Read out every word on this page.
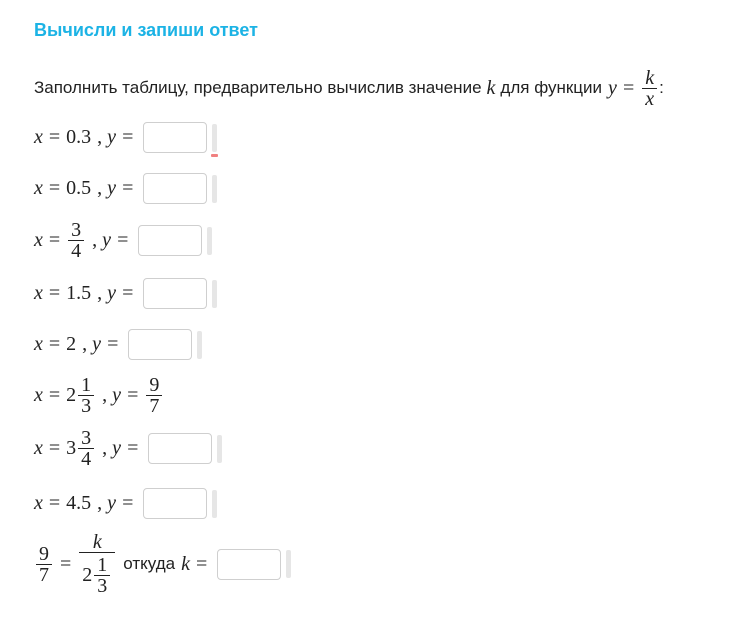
Вычисли и запиши ответ
Заполнить таблицу, предварительно вычислив значение k для функции $y = \frac{k}{x}$ :
x = 0.3 , y =
x = 0.5 , y =
$x = \frac{3}{4}$ , y =
x = 1.5 , y =
x = 2 , y =
$x = 2 \frac{1}{3}$ , $y = \frac{9}{7}$
$x = 3 \frac{3}{4}$ , y =
x = 4.5 , y =
$\frac{9}{7} = \frac{k}{2 \frac{1}{3}}$ откуда k =
